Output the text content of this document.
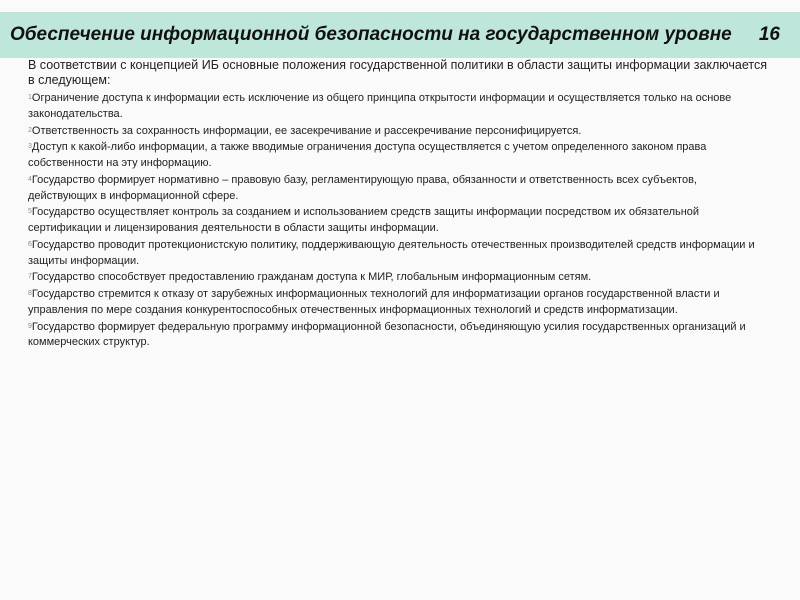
Обеспечение информационной безопасности на государственном уровне 16

В соответствии с концепцией ИБ основные положения государственной политики в области защиты информации заключается в следующем:

1Ограничение доступа к информации есть исключение из общего принципа открытости информации и осуществляется только на основе законодательства.

2Ответственность за сохранность информации, ее засекречивание и рассекречивание персонифицируется.

3Доступ к какой-либо информации, а также вводимые ограничения доступа осуществляется с учетом определенного законом права собственности на эту информацию.

4Государство формирует нормативно – правовую базу, регламентирующую права, обязанности и ответственность всех субъектов, действующих в информационной сфере.

5Государство осуществляет контроль за созданием и использованием средств защиты информации посредством их обязательной сертификации и лицензирования деятельности в области защиты информации.

6Государство проводит протекционистскую политику, поддерживающую деятельность отечественных производителей средств информации и защиты информации.

7Государство способствует предоставлению гражданам доступа к МИР, глобальным информационным сетям.

8Государство стремится к отказу от зарубежных информационных технологий для информатизации органов государственной власти и управления по мере создания конкурентоспособных отечественных информационных технологий и средств информатизации.

9Государство формирует федеральную программу информационной безопасности, объединяющую усилия государственных организаций и коммерческих структур.
